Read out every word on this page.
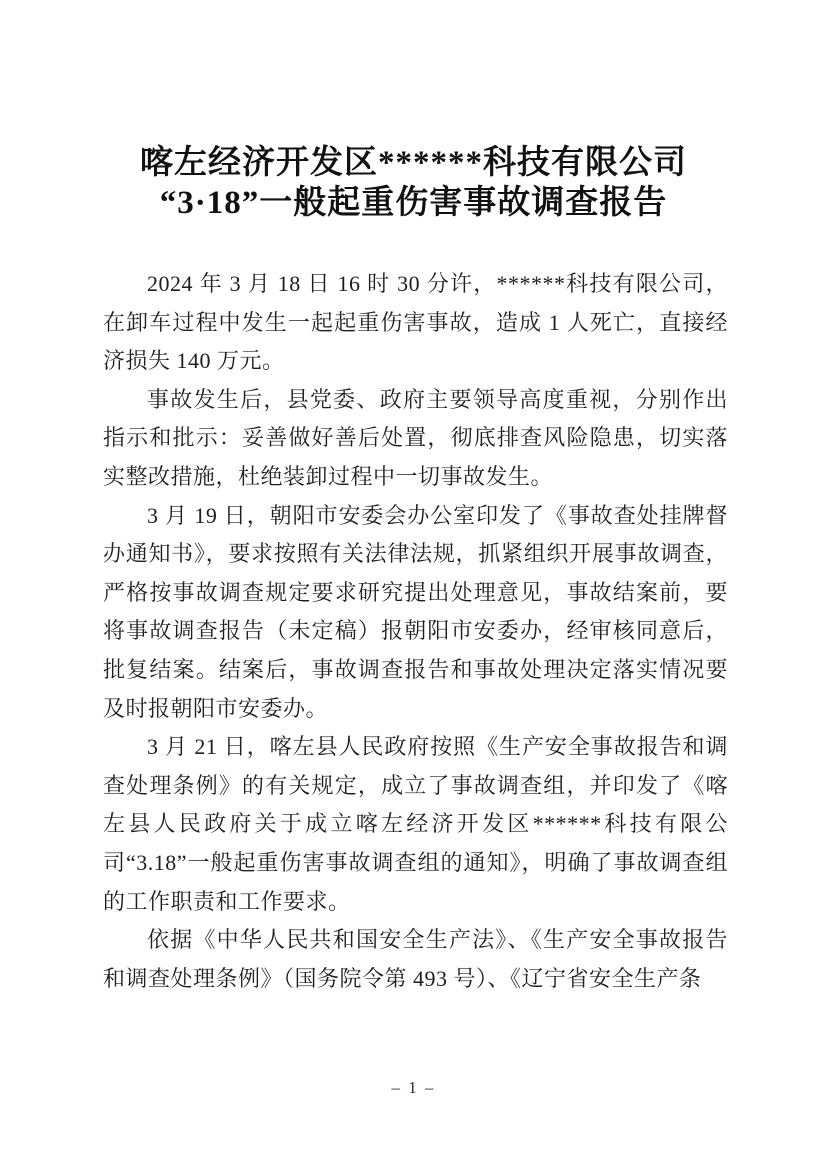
喀左经济开发区******科技有限公司
“3·18”一般起重伤害事故调查报告

2024 年 3 月 18 日 16 时 30 分许，******科技有限公司，在卸车过程中发生一起起重伤害事故，造成 1 人死亡，直接经济损失 140 万元。

事故发生后，县党委、政府主要领导高度重视，分别作出指示和批示：妥善做好善后处置，彻底排查风险隐患，切实落实整改措施，杜绝装卸过程中一切事故发生。

3 月 19 日，朝阳市安委会办公室印发了《事故查处挂牌督办通知书》，要求按照有关法律法规，抓紧组织开展事故调查，严格按事故调查规定要求研究提出处理意见，事故结案前，要将事故调查报告（未定稿）报朝阳市安委办，经审核同意后，批复结案。结案后，事故调查报告和事故处理决定落实情况要及时报朝阳市安委办。

3 月 21 日，喀左县人民政府按照《生产安全事故报告和调查处理条例》的有关规定，成立了事故调查组，并印发了《喀左县人民政府关于成立喀左经济开发区******科技有限公司“3.18”一般起重伤害事故调查组的通知》，明确了事故调查组的工作职责和工作要求。

依据《中华人民共和国安全生产法》、《生产安全事故报告和调查处理条例》（国务院令第 493 号）、《辽宁省安全生产条

– 1 –
